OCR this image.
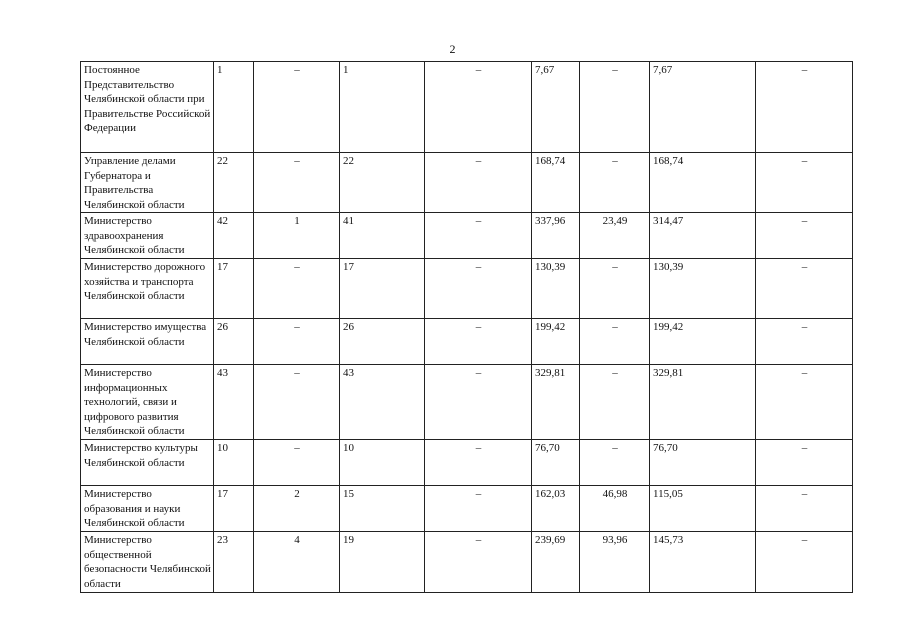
2
Постоянное Представительство Челябинской области при Правительстве Российской Федерации	1	–	1	–	7,67	–	7,67	–
Управление делами Губернатора и Правительства Челябинской области	22	–	22	–	168,74	–	168,74	–
Министерство здравоохранения Челябинской области	42	1	41	–	337,96	23,49	314,47	–
Министерство дорожного хозяйства и транспорта Челябинской области	17	–	17	–	130,39	–	130,39	–
Министерство имущества Челябинской области	26	–	26	–	199,42	–	199,42	–
Министерство информационных технологий, связи и цифрового развития Челябинской области	43	–	43	–	329,81	–	329,81	–
Министерство культуры Челябинской области	10	–	10	–	76,70	–	76,70	–
Министерство образования и науки Челябинской области	17	2	15	–	162,03	46,98	115,05	–
Министерство общественной безопасности Челябинской области	23	4	19	–	239,69	93,96	145,73	–
